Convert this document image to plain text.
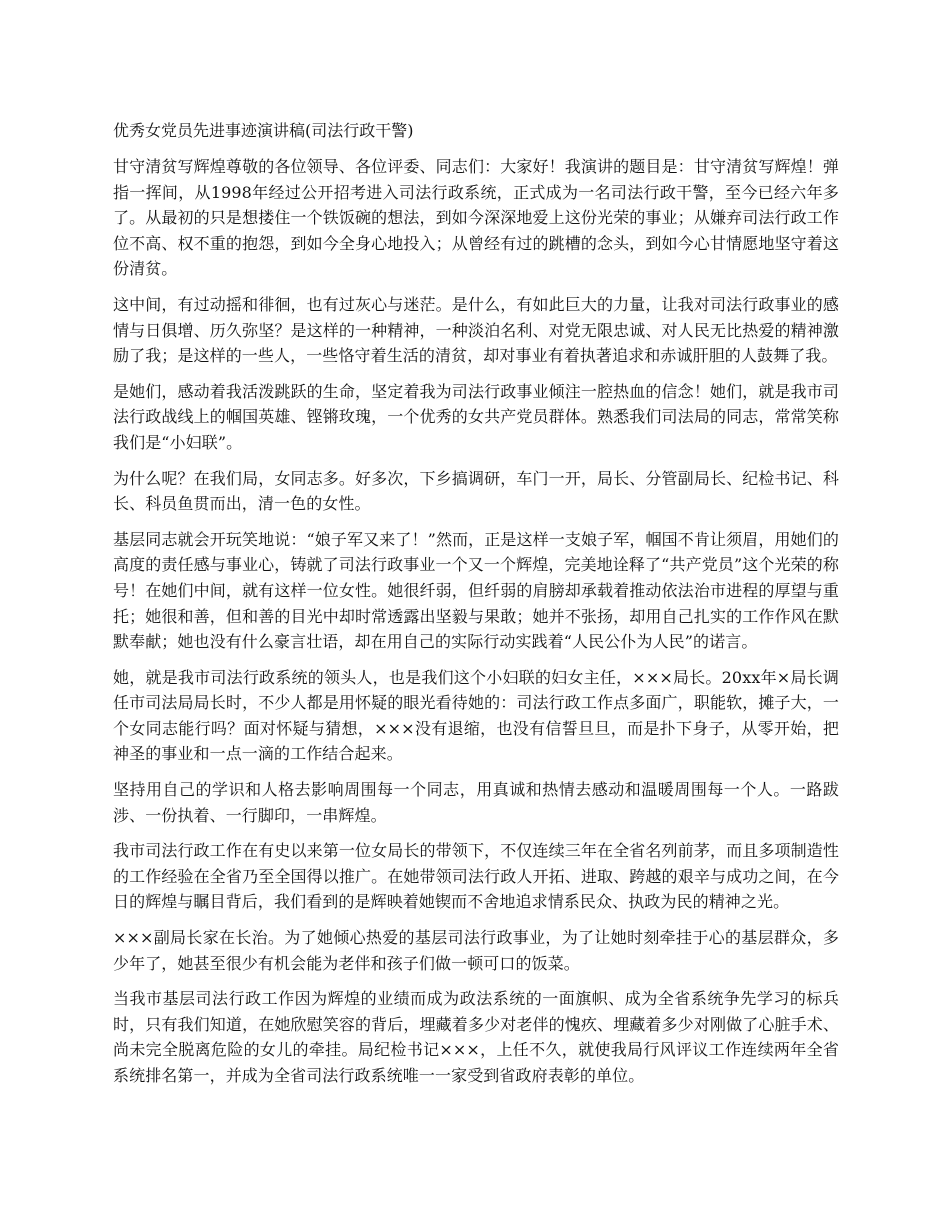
优秀女党员先进事迹演讲稿(司法行政干警)

甘守清贫写辉煌尊敬的各位领导、各位评委、同志们：大家好！我演讲的题目是：甘守清贫写辉煌！弹指一挥间，从1998年经过公开招考进入司法行政系统，正式成为一名司法行政干警，至今已经六年多了。从最初的只是想搂住一个铁饭碗的想法，到如今深深地爱上这份光荣的事业；从嫌弃司法行政工作位不高、权不重的抱怨，到如今全身心地投入；从曾经有过的跳槽的念头，到如今心甘情愿地坚守着这份清贫。

这中间，有过动摇和徘徊，也有过灰心与迷茫。是什么，有如此巨大的力量，让我对司法行政事业的感情与日俱增、历久弥坚？是这样的一种精神，一种淡泊名利、对党无限忠诚、对人民无比热爱的精神激励了我；是这样的一些人，一些恪守着生活的清贫，却对事业有着执著追求和赤诚肝胆的人鼓舞了我。

是她们，感动着我活泼跳跃的生命，坚定着我为司法行政事业倾注一腔热血的信念！她们，就是我市司法行政战线上的帼国英雄、铿锵玫瑰，一个优秀的女共产党员群体。熟悉我们司法局的同志，常常笑称我们是“小妇联”。

为什么呢？在我们局，女同志多。好多次，下乡搞调研，车门一开，局长、分管副局长、纪检书记、科长、科员鱼贯而出，清一色的女性。

基层同志就会开玩笑地说：“娘子军又来了！”然而，正是这样一支娘子军，帼国不肯让须眉，用她们的高度的责任感与事业心，铸就了司法行政事业一个又一个辉煌，完美地诠释了“共产党员”这个光荣的称号！在她们中间，就有这样一位女性。她很纤弱，但纤弱的肩膀却承载着推动依法治市进程的厚望与重托；她很和善，但和善的目光中却时常透露出坚毅与果敢；她并不张扬，却用自己扎实的工作作风在默默奉献；她也没有什么豪言壮语，却在用自己的实际行动实践着“人民公仆为人民”的诺言。

她，就是我市司法行政系统的领头人，也是我们这个小妇联的妇女主任，×××局长。20xx年×局长调任市司法局局长时，不少人都是用怀疑的眼光看待她的：司法行政工作点多面广，职能软，摊子大，一个女同志能行吗？面对怀疑与猜想，×××没有退缩，也没有信誓旦旦，而是扑下身子，从零开始，把神圣的事业和一点一滴的工作结合起来。

坚持用自己的学识和人格去影响周围每一个同志，用真诚和热情去感动和温暖周围每一个人。一路跋涉、一份执着、一行脚印，一串辉煌。

我市司法行政工作在有史以来第一位女局长的带领下，不仅连续三年在全省名列前茅，而且多项制造性的工作经验在全省乃至全国得以推广。在她带领司法行政人开拓、进取、跨越的艰辛与成功之间，在今日的辉煌与瞩目背后，我们看到的是辉映着她锲而不舍地追求情系民众、执政为民的精神之光。

×××副局长家在长治。为了她倾心热爱的基层司法行政事业，为了让她时刻牵挂于心的基层群众，多少年了，她甚至很少有机会能为老伴和孩子们做一顿可口的饭菜。

当我市基层司法行政工作因为辉煌的业绩而成为政法系统的一面旗帜、成为全省系统争先学习的标兵时，只有我们知道，在她欣慰笑容的背后，埋藏着多少对老伴的愧疚、埋藏着多少对刚做了心脏手术、尚未完全脱离危险的女儿的牵挂。局纪检书记×××，上任不久，就使我局行风评议工作连续两年全省系统排名第一，并成为全省司法行政系统唯一一家受到省政府表彰的单位。
